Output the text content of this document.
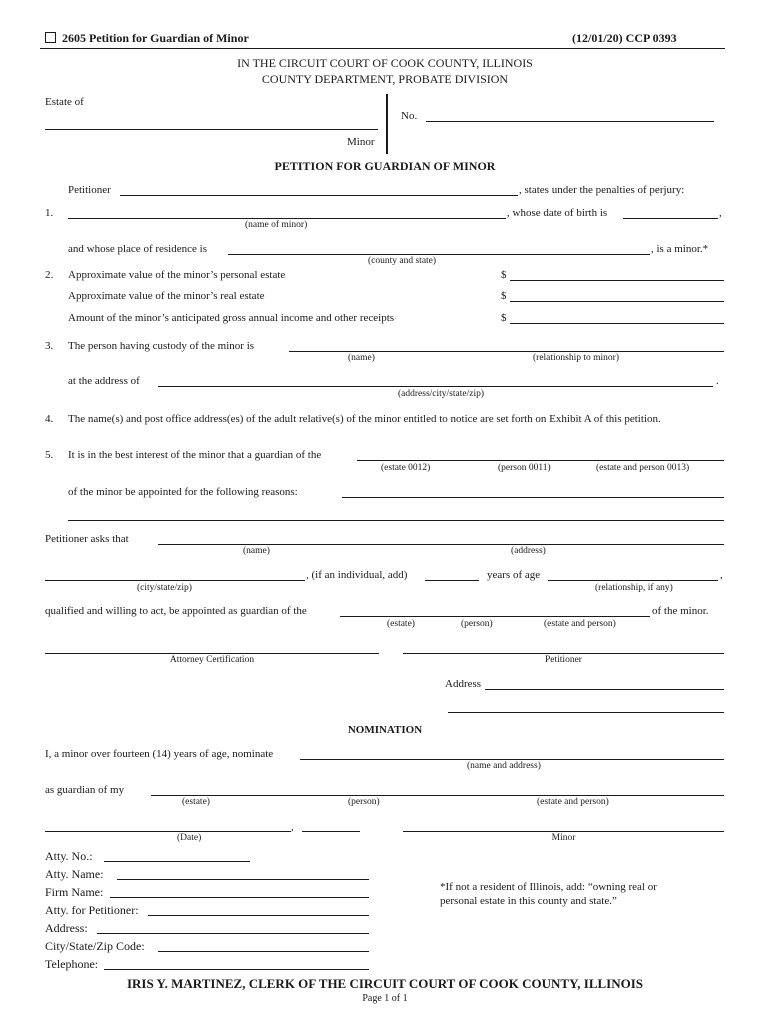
2605 Petition for Guardian of Minor	(12/01/20) CCP 0393
IN THE CIRCUIT COURT OF COOK COUNTY, ILLINOIS
COUNTY DEPARTMENT, PROBATE DIVISION
Estate of
Minor
No.
PETITION FOR GUARDIAN OF MINOR
Petitioner	, states under the penalties of perjury:
1.	, whose date of birth is	,
(name of minor)
and whose place of residence is	, is a minor.*
(county and state)
2. Approximate value of the minor’s personal estate	$
Approximate value of the minor’s real estate	$
Amount of the minor’s anticipated gross annual income and other receipts	$
3. The person having custody of the minor is
(name)	(relationship to minor)
at the address of	.
(address/city/state/zip)
4. The name(s) and post office address(es) of the adult relative(s) of the minor entitled to notice are set forth on Exhibit A of this petition.
5. It is in the best interest of the minor that a guardian of the
(estate 0012)	(person 0011)	(estate and person 0013)
of the minor be appointed for the following reasons:
Petitioner asks that
(name)	(address)
, (if an individual, add)	years of age	,
(city/state/zip)	(relationship, if any)
qualified and willing to act, be appointed as guardian of the	of the minor.
(estate)	(person)	(estate and person)
Attorney Certification	Petitioner
Address
NOMINATION
I, a minor over fourteen (14) years of age, nominate
(name and address)
as guardian of my
(estate)	(person)	(estate and person)
,
(Date)	Minor
Atty. No.:
Atty. Name:
Firm Name:
Atty. for Petitioner:
Address:
City/State/Zip Code:
Telephone:
*If not a resident of Illinois, add: “owning real or personal estate in this county and state.”
IRIS Y. MARTINEZ, CLERK OF THE CIRCUIT COURT OF COOK COUNTY, ILLINOIS
Page 1 of 1
